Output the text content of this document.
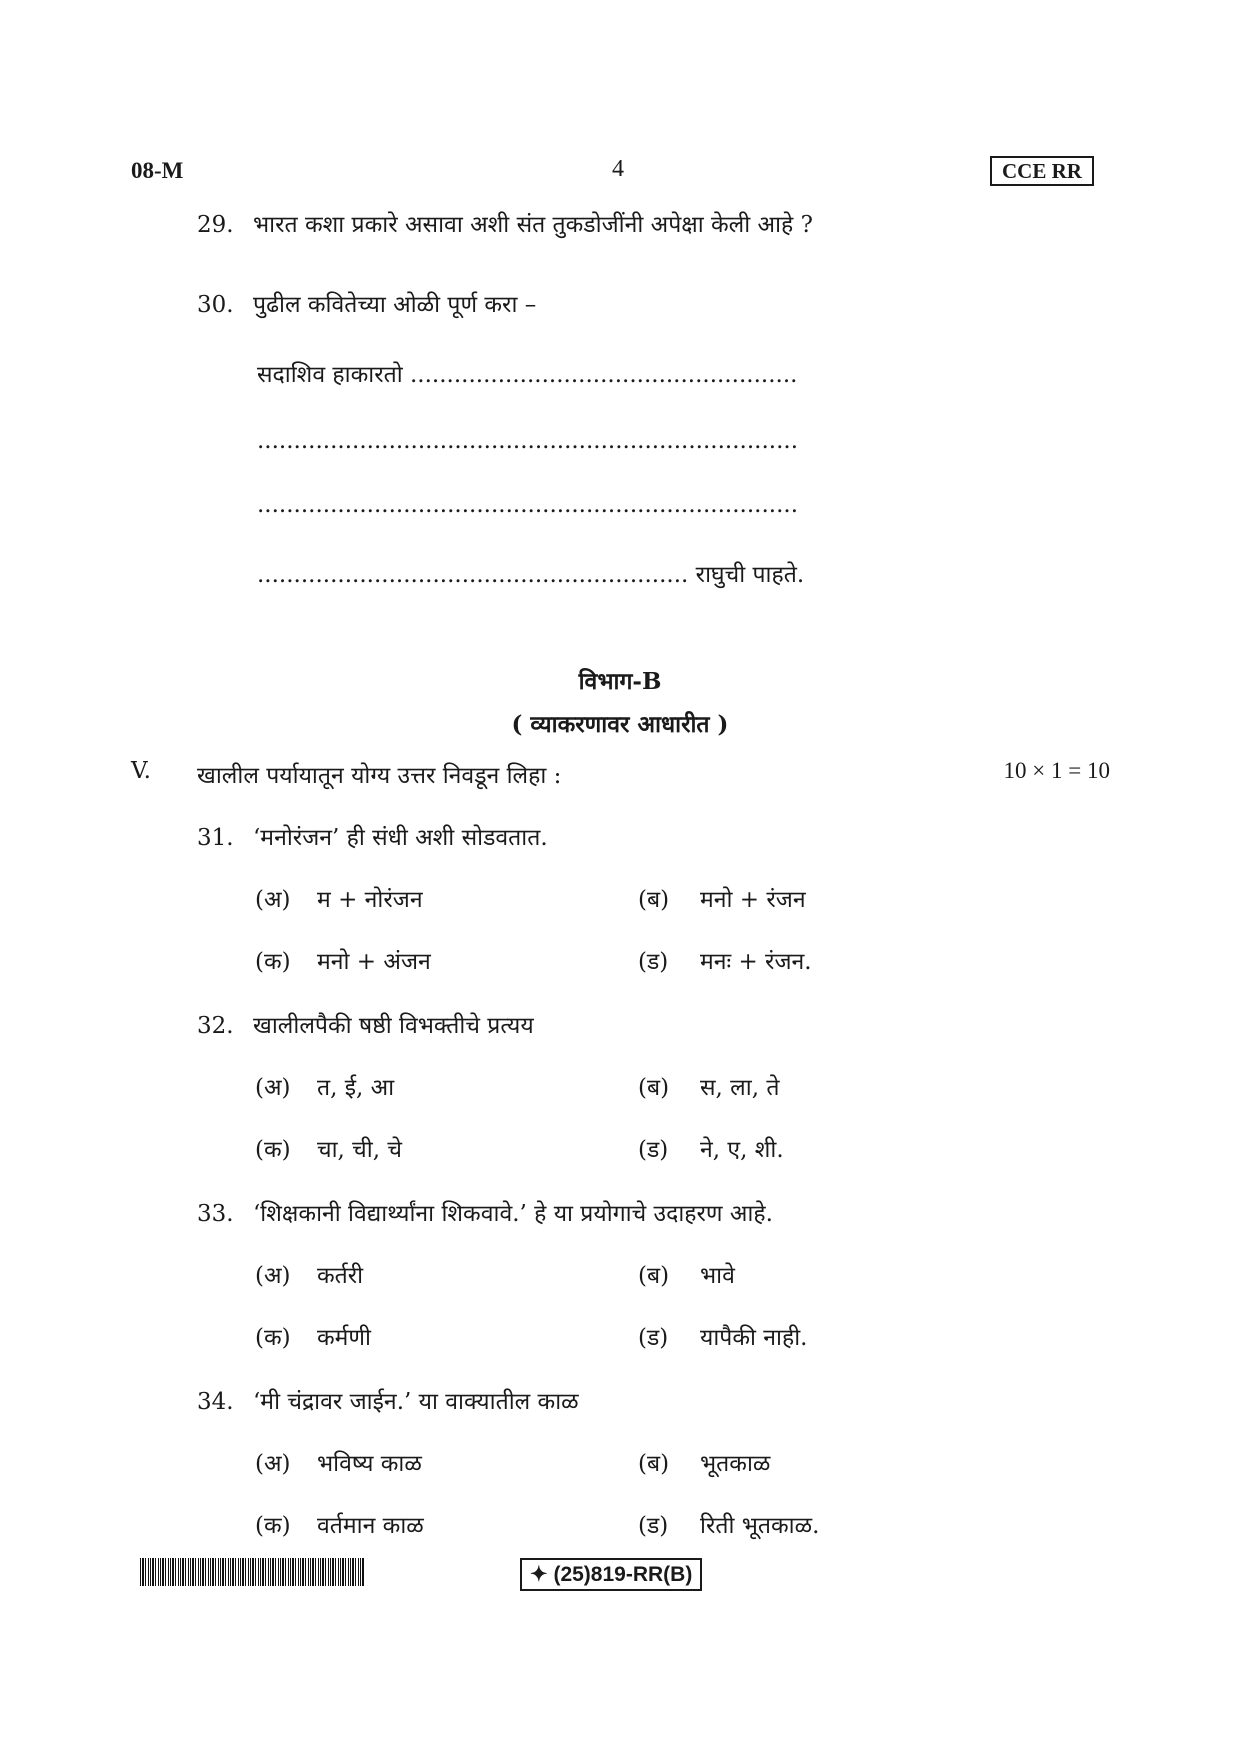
08-M	4	CCE RR
29. भारत कशा प्रकारे असावा अशी संत तुकडोजींनी अपेक्षा केली आहे ?
30. पुढील कवितेच्या ओळी पूर्ण करा –
सदाशिव हाकारतो .....................................................
..........................................................................
..........................................................................
........................................................... राघुची पाहते.
विभाग-B
( व्याकरणावर आधारीत )
V. खालील पर्यायातून योग्य उत्तर निवडून लिहा :	10 × 1 = 10
31. ‘मनोरंजन’ ही संधी अशी सोडवतात.
(अ) म + नोरंजन	(ब) मनो + रंजन
(क) मनो + अंजन	(ड) मनः + रंजन.
32. खालीलपैकी षष्ठी विभक्तीचे प्रत्यय
(अ) त, ई, आ	(ब) स, ला, ते
(क) चा, ची, चे	(ड) ने, ए, शी.
33. ‘शिक्षकानी विद्यार्थ्यांना शिकवावे.’ हे या प्रयोगाचे उदाहरण आहे.
(अ) कर्तरी	(ब) भावे
(क) कर्मणी	(ड) यापैकी नाही.
34. ‘मी चंद्रावर जाईन.’ या वाक्यातील काळ
(अ) भविष्य काळ	(ब) भूतकाळ
(क) वर्तमान काळ	(ड) रिती भूतकाळ.
✦ (25)819-RR(B)
